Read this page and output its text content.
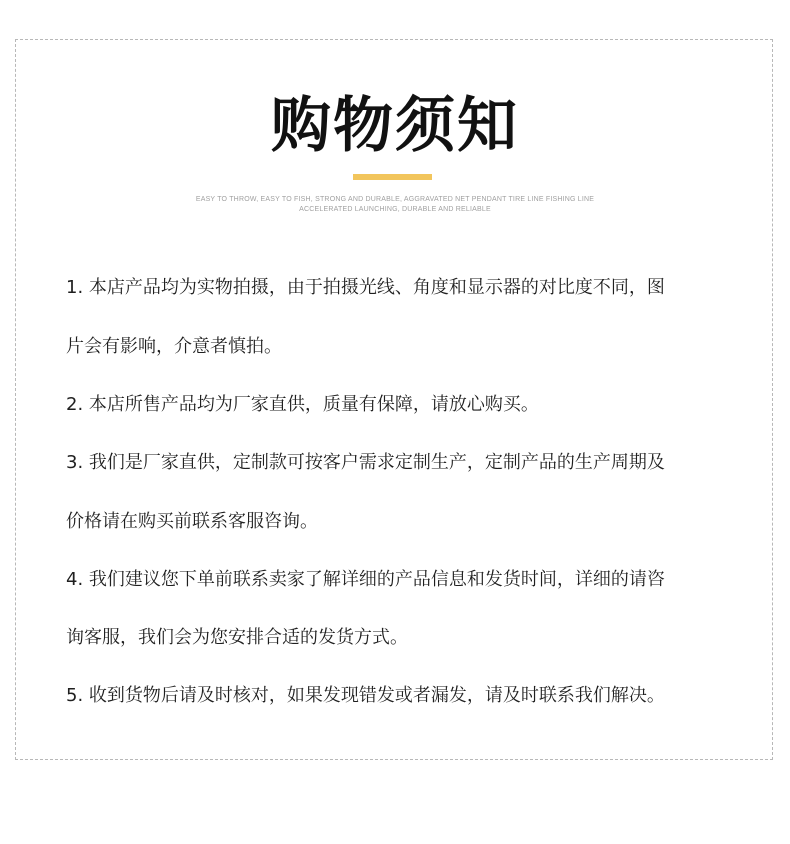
购物须知
EASY TO THROW, EASY TO FISH, STRONG AND DURABLE, AGGRAVATED NET PENDANT TIRE LINE FISHING LINE
ACCELERATED LAUNCHING, DURABLE AND RELIABLE
1. 本店产品均为实物拍摄，由于拍摄光线、角度和显示器的对比度不同，图
片会有影响，介意者慎拍。
2. 本店所售产品均为厂家直供，质量有保障，请放心购买。
3. 我们是厂家直供，定制款可按客户需求定制生产，定制产品的生产周期及
价格请在购买前联系客服咨询。
4. 我们建议您下单前联系卖家了解详细的产品信息和发货时间，详细的请咨
询客服，我们会为您安排合适的发货方式。
5. 收到货物后请及时核对，如果发现错发或者漏发，请及时联系我们解决。
